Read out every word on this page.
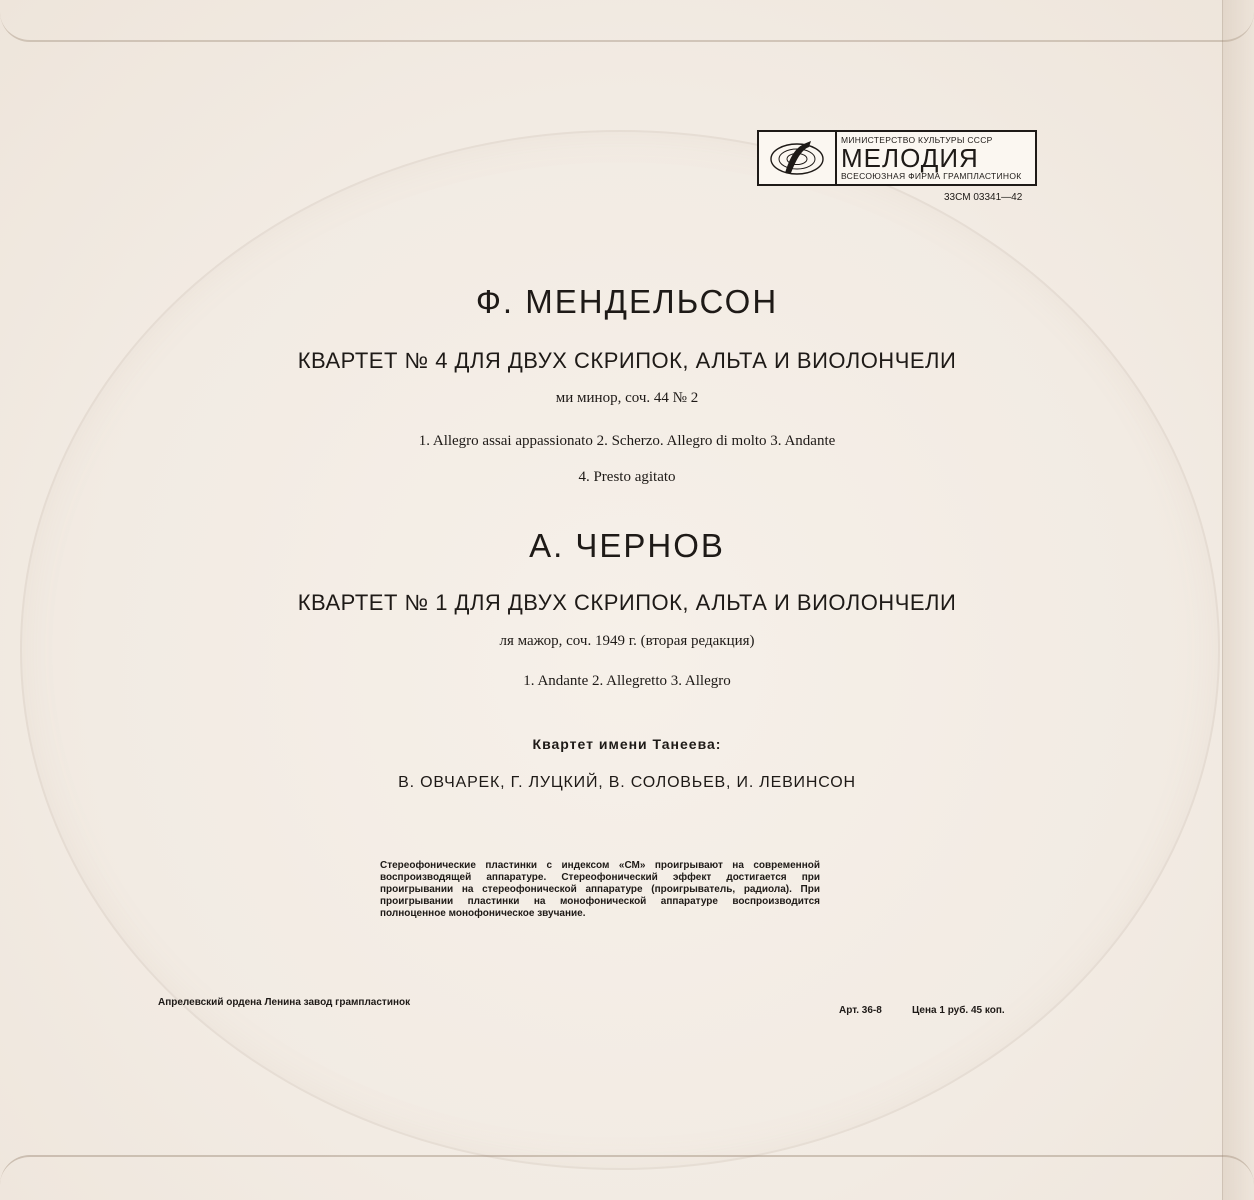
МИНИСТЕРСТВО КУЛЬТУРЫ СССР
МЕЛОДИЯ
ВСЕСОЮЗНАЯ ФИРМА ГРАМПЛАСТИНОК
33СМ 03341—42
Ф. МЕНДЕЛЬСОН
КВАРТЕТ № 4 ДЛЯ ДВУХ СКРИПОК, АЛЬТА И ВИОЛОНЧЕЛИ
ми минор, соч. 44 № 2
1. Allegro assai appassionato 2. Scherzo. Allegro di molto 3. Andante
4. Presto agitato
А. ЧЕРНОВ
КВАРТЕТ № 1 ДЛЯ ДВУХ СКРИПОК, АЛЬТА И ВИОЛОНЧЕЛИ
ля мажор, соч. 1949 г. (вторая редакция)
1. Andante 2. Allegretto 3. Allegro
Квартет имени Танеева:
В. ОВЧАРЕК, Г. ЛУЦКИЙ, В. СОЛОВЬЕВ, И. ЛЕВИНСОН
Стереофонические пластинки с индексом «СМ» проигрывают на современной воспроизводящей аппаратуре. Стереофонический эффект достигается при проигрывании на стереофонической аппаратуре (проигрыватель, радиола). При проигрывании пластинки на монофонической аппаратуре воспроизводится полноценное монофоническое звучание.
Апрелевский ордена Ленина завод грампластинок
Арт. 36-8	Цена 1 руб. 45 коп.
